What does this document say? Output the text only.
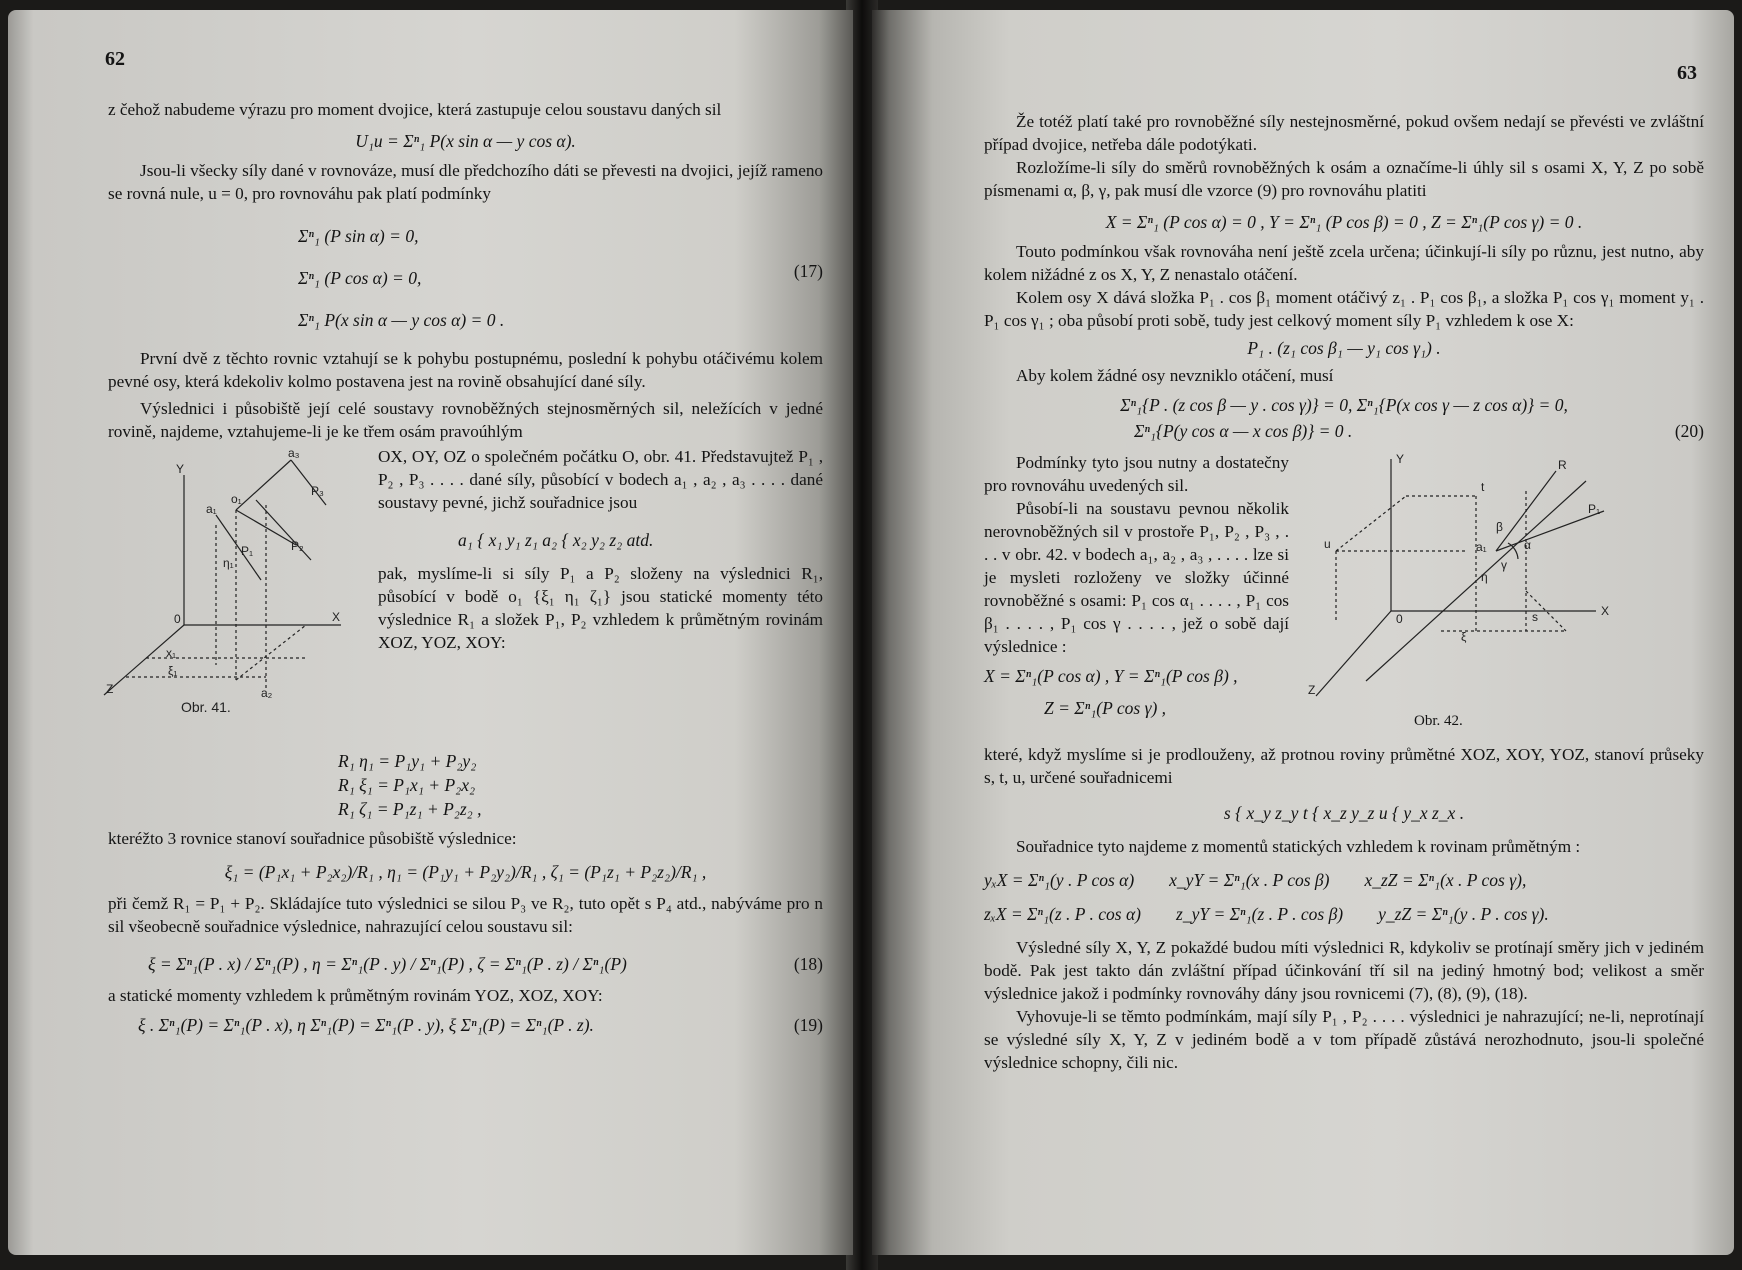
62

z čehož nabudeme výrazu pro moment dvojice, která zastupuje celou soustavu daných sil

U₁u = Σⁿ₁ P(x sin α — y cos α).

Jsou-li všecky síly dané v rovnováze, musí dle předchozího dáti se převesti na dvojici, jejíž rameno se rovná nule, u = 0, pro rovnováhu pak platí podmínky

Σⁿ₁ (P sin α) = 0,
Σⁿ₁ (P cos α) = 0,
Σⁿ₁ P(x sin α — y cos α) = 0 .
(17)

První dvě z těchto rovnic vztahují se k pohybu postupnému, poslední k pohybu otáčivému kolem pevné osy, která kdekoliv kolmo postavena jest na rovině obsahující dané síly.

Výslednici i působiště její celé soustavy rovnoběžných stejnosměrných sil, neležících v jedné rovině, najdeme, vztahujeme-li je ke třem osám pravoúhlým

Y
X
Z
0
a₁
a₂
a₃
o₁
P₁	P₂
P₃
x₁
ξ₁
η₁
Obr. 41.

OX, OY, OZ o společném počátku O, obr. 41. Představujtež P₁ , P₂ , P₃ . . . . dané síly, působící v bodech a₁ , a₂ , a₃ . . . . dané soustavy pevné, jichž souřadnice jsou

a₁ { x₁ y₁ z₁ a₂ { x₂ y₂ z₂ atd.

pak, myslíme-li si síly P₁ a P₂ složeny na výslednici R₁, působící v bodě o₁ {ξ₁ η₁ ζ₁} jsou statické momenty této výslednice R₁ a složek P₁, P₂ vzhledem k průmětným rovinám XOZ, YOZ, XOY:

R₁ η₁ = P₁y₁ + P₂y₂
R₁ ξ₁ = P₁x₁ + P₂x₂
R₁ ζ₁ = P₁z₁ + P₂z₂ ,

kteréžto 3 rovnice stanoví souřadnice působiště výslednice:

ξ₁ = (P₁x₁ + P₂x₂)/R₁ , η₁ = (P₁y₁ + P₂y₂)/R₁ , ζ₁ = (P₁z₁ + P₂z₂)/R₁ ,

při čemž R₁ = P₁ + P₂. Skládajíce tuto výslednici se silou P₃ ve R₂, tuto opět s P₄ atd., nabýváme pro n sil všeobecně souřadnice výslednice, nahrazující celou soustavu sil:

ξ = Σⁿ₁(P . x) / Σⁿ₁(P) , η = Σⁿ₁(P . y) / Σⁿ₁(P) , ζ = Σⁿ₁(P . z) / Σⁿ₁(P)	(18)

a statické momenty vzhledem k průmětným rovinám YOZ, XOZ, XOY:

ξ . Σⁿ₁(P) = Σⁿ₁(P . x), η Σⁿ₁(P) = Σⁿ₁(P . y), ξ Σⁿ₁(P) = Σⁿ₁(P . z).	(19)
63

Že totéž platí také pro rovnoběžné síly nestejnosměrné, pokud ovšem nedají se převésti ve zvláštní případ dvojice, netřeba dále podotýkati.

Rozložíme-li síly do směrů rovnoběžných k osám a označíme-li úhly sil s osami X, Y, Z po sobě písmenami α, β, γ, pak musí dle vzorce (9) pro rovnováhu platiti

X = Σⁿ₁ (P cos α) = 0 , Y = Σⁿ₁ (P cos β) = 0 , Z = Σⁿ₁(P cos γ) = 0 .

Touto podmínkou však rovnováha není ještě zcela určena; účinkují-li síly po různu, jest nutno, aby kolem nižádné z os X, Y, Z nenastalo otáčení.

Kolem osy X dává složka P₁ . cos β₁ moment otáčivý z₁ . P₁ cos β₁, a složka P₁ cos γ₁ moment y₁ . P₁ cos γ₁ ; oba působí proti sobě, tudy jest celkový moment síly P₁ vzhledem k ose X:

P₁ . (z₁ cos β₁ — y₁ cos γ₁) .

Aby kolem žádné osy nevzniklo otáčení, musí

Σⁿ₁{P . (z cos β — y . cos γ)} = 0, Σⁿ₁{P(x cos γ — z cos α)} = 0,
Σⁿ₁{P(y cos α — x cos β)} = 0 .	(20)

Podmínky tyto jsou nutny a dostatečny pro rovnováhu uvedených sil.

Působí-li na soustavu pevnou několik nerovnoběžných sil v prostoře P₁, P₂ , P₃ , . . . v obr. 42. v bodech a₁, a₂ , a₃ , . . . . lze si je mysleti rozloženy ve složky účinné rovnoběžné s osami: P₁ cos α₁ . . . . , P₁ cos β₁ . . . . , P₁ cos γ . . . . , jež o sobě dají výslednice :

X = Σⁿ₁(P cos α) , Y = Σⁿ₁(P cos β) ,
Z = Σⁿ₁(P cos γ) ,
Y
X
Z
0
R
P₁
a₁
t
u
s
β
α
γ
η
ξ
Obr. 42.

které, když myslíme si je prodlouženy, až protnou roviny průmětné XOZ, XOY, YOZ, stanoví průseky s, t, u, určené souřadnicemi

s { x_y z_y t { x_z y_z u { y_x z_x .

Souřadnice tyto najdeme z momentů statických vzhledem k rovinam průmětným :

yₓX = Σⁿ₁(y . P cos α)        x_yY = Σⁿ₁(x . P cos β)        x_zZ = Σⁿ₁(x . P cos γ),
zₓX = Σⁿ₁(z . P . cos α)        z_yY = Σⁿ₁(z . P . cos β)        y_zZ = Σⁿ₁(y . P . cos γ).

Výsledné síly X, Y, Z pokaždé budou míti výslednici R, kdykoliv se protínají směry jich v jediném bodě. Pak jest takto dán zvláštní případ účinkování tří sil na jediný hmotný bod; velikost a směr výslednice jakož i podmínky rovnováhy dány jsou rovnicemi (7), (8), (9), (18).

Vyhovuje-li se těmto podmínkám, mají síly P₁ , P₂ . . . . výslednici je nahrazující; ne-li, neprotínají se výsledné síly X, Y, Z v jediném bodě a v tom případě zůstává nerozhodnuto, jsou-li společné výslednice schopny, čili nic.
